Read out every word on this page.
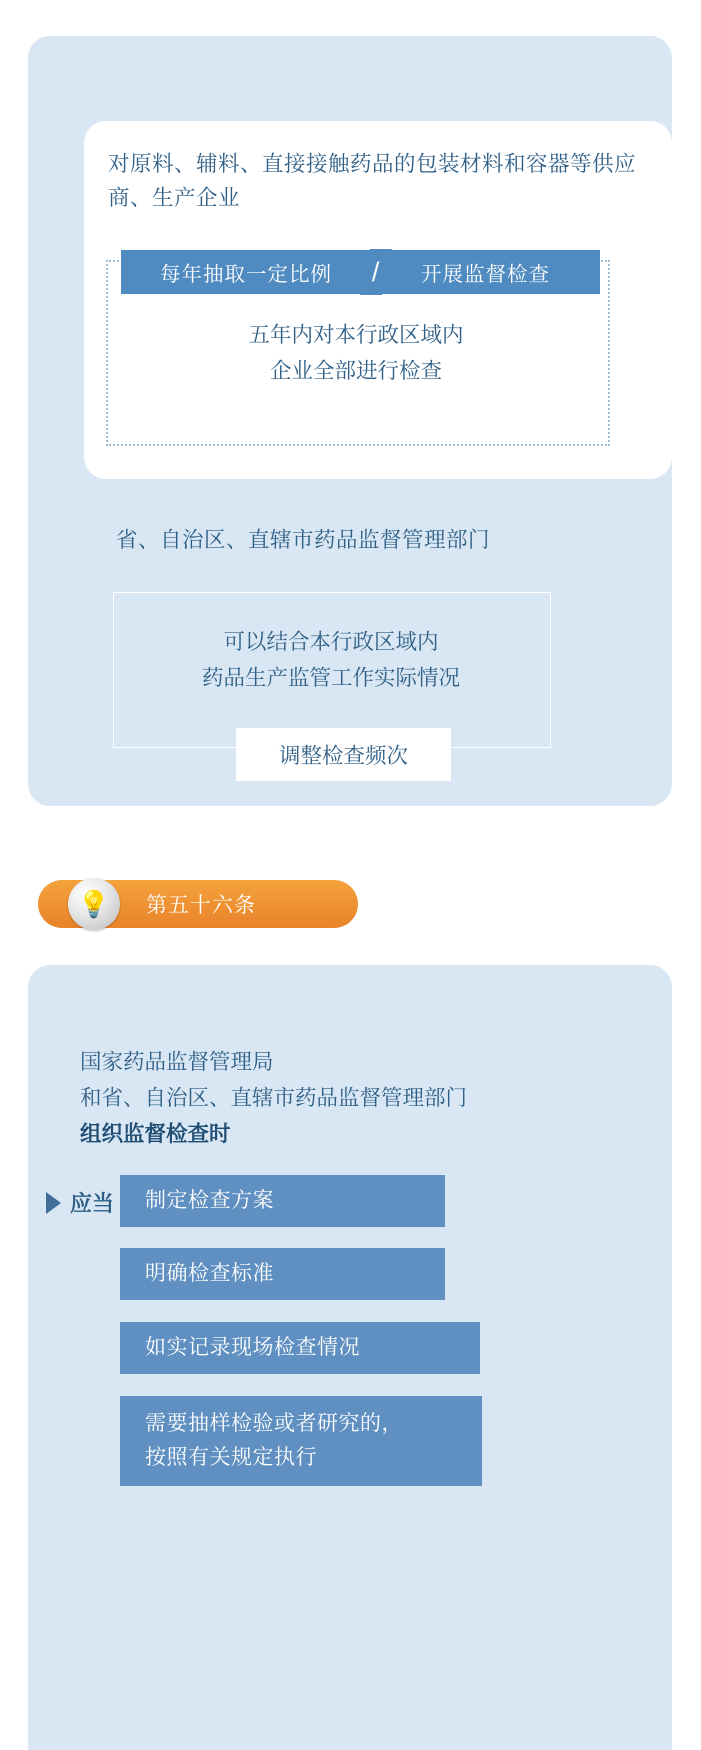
对原料、辅料、直接接触药品的包装材料和容器等供应商、生产企业
每年抽取一定比例	开展监督检查
/
五年内对本行政区域内
企业全部进行检查
省、自治区、直辖市药品监督管理部门
可以结合本行政区域内
药品生产监管工作实际情况
调整检查频次
💡 第五十六条
国家药品监督管理局
和省、自治区、直辖市药品监督管理部门
组织监督检查时
应当	制定检查方案
明确检查标准
如实记录现场检查情况
需要抽样检验或者研究的，
按照有关规定执行
